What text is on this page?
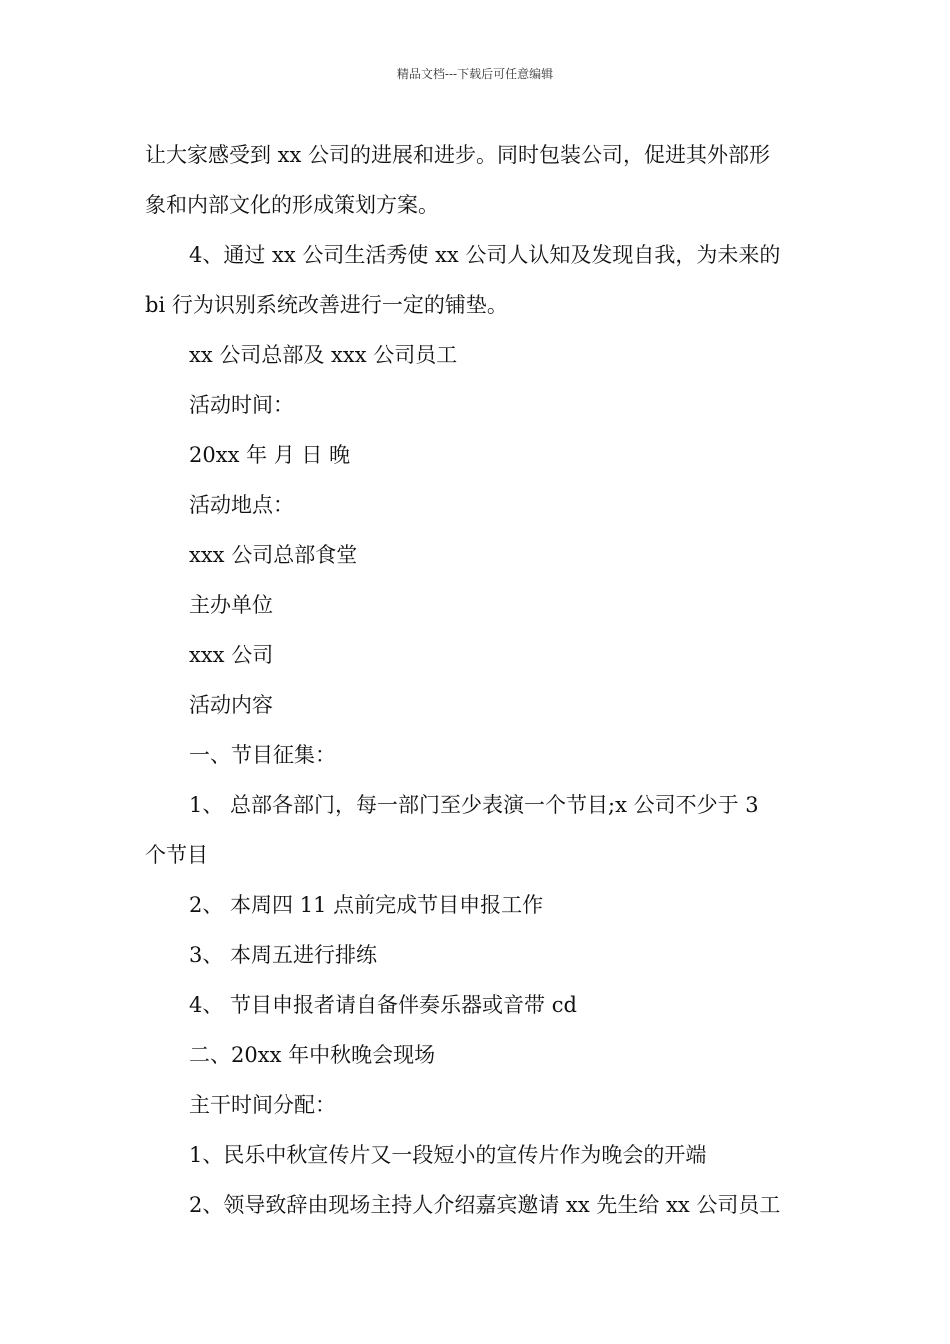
精品文档---下载后可任意编辑
让大家感受到 xx 公司的进展和进步。同时包装公司，促进其外部形
象和内部文化的形成策划方案。
4、通过 xx 公司生活秀使 xx 公司人认知及发现自我，为未来的
bi 行为识别系统改善进行一定的铺垫。
xx 公司总部及 xxx 公司员工
活动时间：
20xx 年 月 日 晚
活动地点：
xxx 公司总部食堂
主办单位
xxx 公司
活动内容
一、节目征集：
1、 总部各部门，每一部门至少表演一个节目;x 公司不少于 3
个节目
2、 本周四 11 点前完成节目申报工作
3、 本周五进行排练
4、 节目申报者请自备伴奏乐器或音带 cd
二、20xx 年中秋晚会现场
主干时间分配：
1、民乐中秋宣传片又一段短小的宣传片作为晚会的开端
2、领导致辞由现场主持人介绍嘉宾邀请 xx 先生给 xx 公司员工
